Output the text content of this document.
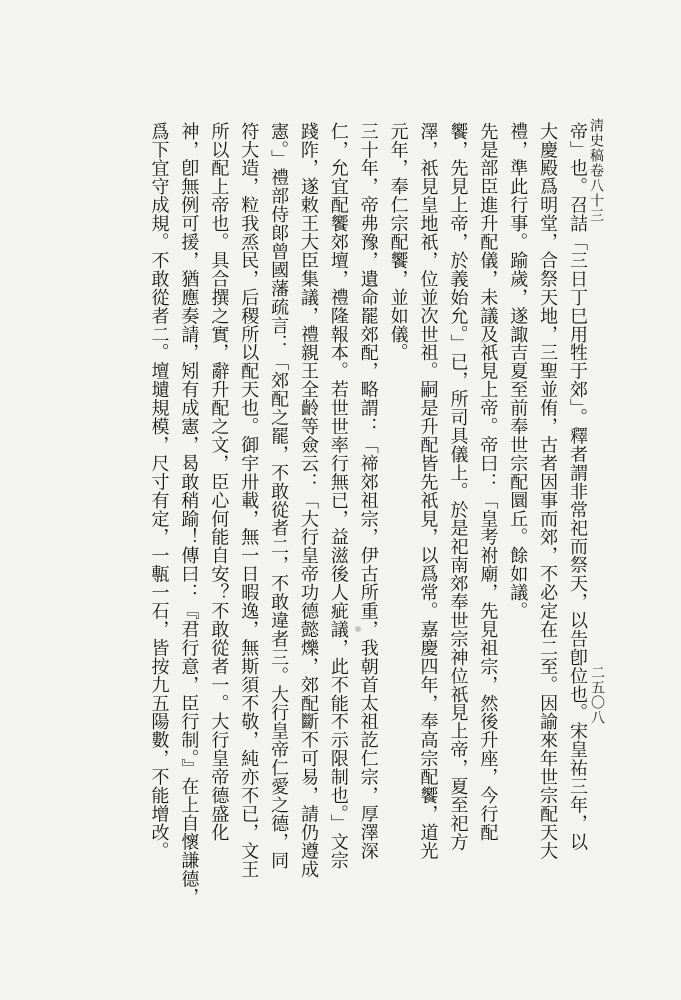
淸史稿卷八十三
二五〇八
帝」也。召詰「三日丁巳用牲于郊」。釋者謂非常祀而祭天，以告卽位也。宋皇祐三年，以
大慶殿爲明堂，合祭天地，三聖並侑，古者因事而郊，不必定在二至。因諭來年世宗配天大
禮，準此行事。踰歲，遂諏吉夏至前奉世宗配圜丘。餘如議。
先是部臣進升配儀，未議及祇見上帝。帝曰：「皇考祔廟，先見祖宗，然後升座，今行配
饗，先見上帝，於義始允。」已，所司具儀上。於是祀南郊奉世宗神位祇見上帝，夏至祀方
澤，祇見皇地祇，位並次世祖。嗣是升配皆先祇見，以爲常。嘉慶四年，奉高宗配饗，道光
元年，奉仁宗配饗，並如儀。
三十年，帝弗豫，遺命罷郊配，略謂：「禘郊祖宗，伊古所重，我朝首太祖訖仁宗，厚澤深
仁，允宜配饗郊壇，禮隆報本。若世世率行無已，益滋後人疵議，此不能不示限制也。」文宗
踐阼，遂敕王大臣集議，禮親王全齡等僉云：「大行皇帝功德懿爍，郊配斷不可易，請仍遵成
憲。」禮部侍郞曾國藩疏言：「郊配之罷，不敢從者二，不敢違者三。大行皇帝仁愛之德，同
符大造，粒我烝民，后稷所以配天也。御宇卅載，無一日暇逸，無斯須不敬，純亦不已，文王
所以配上帝也。具合撰之實，辭升配之文，臣心何能自安？不敢從者一。大行皇帝德盛化
神，卽無例可援，猶應奏請，矧有成憲，曷敢稍踰！傳曰：『君行意，臣行制。』在上自懷謙德，
爲下宜守成規。不敢從者二。壇壝規模，尺寸有定，一甎一石，皆按九五陽數，不能增改。
